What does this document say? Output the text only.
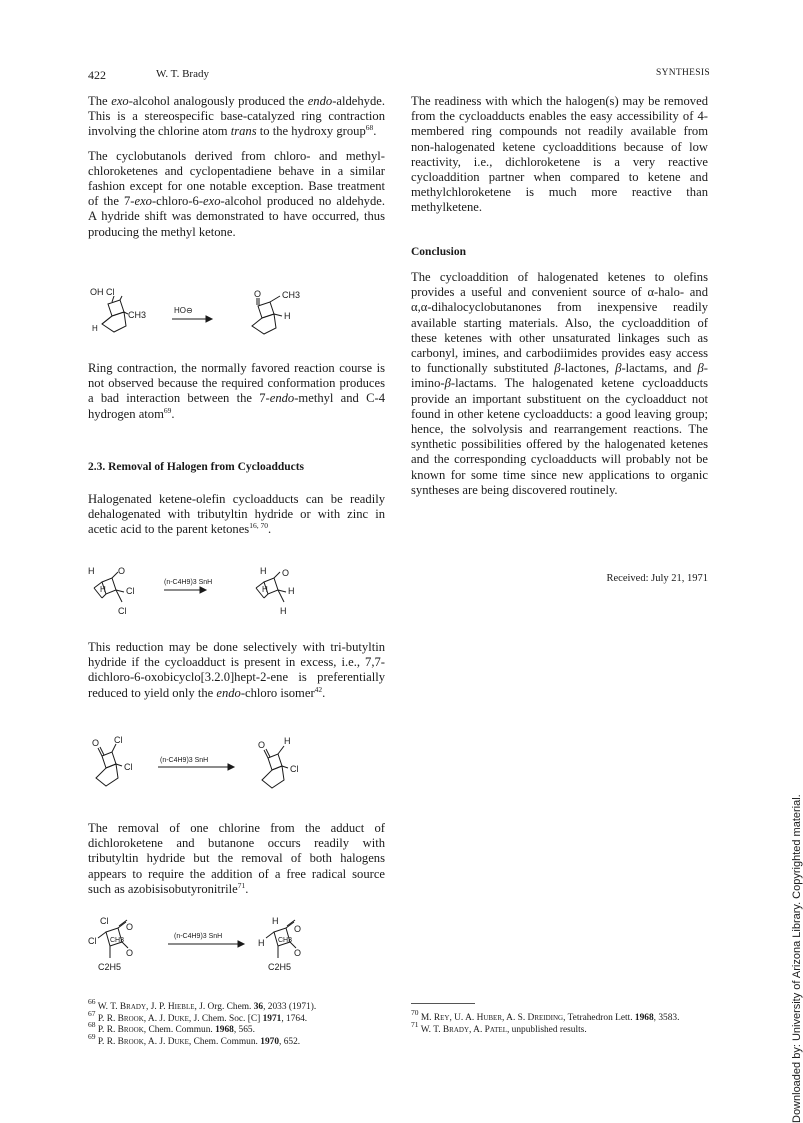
422	W. T. Brady	SYNTHESIS

The exo-alcohol analogously produced the endo-aldehyde. This is a stereospecific base-catalyzed ring contraction involving the chlorine atom trans to the hydroxy group$^{68}$.

The cyclobutanols derived from chloro- and methyl-chloroketenes and cyclopentadiene behave in a similar fashion except for one notable exception. Base treatment of the 7-exo-chloro-6-exo-alcohol produced no aldehyde. A hydride shift was demonstrated to have occurred, thus producing the methyl ketone.

OH Cl
CH3
H
HO⊖
O CH3
H

Ring contraction, the normally favored reaction course is not observed because the required conformation produces a bad interaction between the 7-endo-methyl and C-4 hydrogen atom$^{69}$.

2.3. Removal of Halogen from Cycloadducts

Halogenated ketene-olefin cycloadducts can be readily dehalogenated with tributyltin hydride or with zinc in acetic acid to the parent ketones$^{16, 70}$.

H	O
H Cl
Cl
(n-C4H9)3 SnH
H O
H H
H

This reduction may be done selectively with tri-butyltin hydride if the cycloadduct is present in excess, i.e., 7,7-dichloro-6-oxobicyclo[3.2.0]hept-2-ene is preferentially reduced to yield only the endo-chloro isomer$^{42}$.

O Cl
Cl
(n-C4H9)3 SnH
O H
Cl

The removal of one chlorine from the adduct of dichloroketene and butanone occurs readily with tributyltin hydride but the removal of both halogens appears to require the addition of a free radical source such as azobisisobutyronitrile$^{71}$.

Cl
O
Cl CH3
O
C2H5
(n-C4H9)3 SnH
H
O
H CH3
O
C2H5

The readiness with which the halogen(s) may be removed from the cycloadducts enables the easy accessibility of 4-membered ring compounds not readily available from non-halogenated ketene cycloadditions because of low reactivity, i.e., dichloroketene is a very reactive cycloaddition partner when compared to ketene and methylchloroketene is much more reactive than methylketene.

Conclusion

The cycloaddition of halogenated ketenes to olefins provides a useful and convenient source of α-halo- and α,α-dihalocyclobutanones from inexpensive readily available starting materials. Also, the cycloaddition of these ketenes with other unsaturated linkages such as carbonyl, imines, and carbodiimides provides easy access to functionally substituted β-lactones, β-lactams, and β-imino-β-lactams. The halogenated ketene cycloadducts provide an important substituent on the cycloadduct not found in other ketene cycloadducts: a good leaving group; hence, the solvolysis and rearrangement reactions. The synthetic possibilities offered by the halogenated ketenes and the corresponding cycloadducts will probably not be known for some time since new applications to organic syntheses are being discovered routinely.

Received: July 21, 1971
$^{66}$ W. T. Brady, J. P. Hieble, J. Org. Chem. 36, 2033 (1971).
$^{67}$ P. R. Brook, A. J. Duke, J. Chem. Soc. [C] 1971, 1764.
$^{68}$ P. R. Brook, Chem. Commun. 1968, 565.
$^{69}$ P. R. Brook, A. J. Duke, Chem. Commun. 1970, 652.
$^{70}$ M. Rey, U. A. Huber, A. S. Dreiding, Tetrahedron Lett. 1968, 3583.
$^{71}$ W. T. Brady, A. Patel, unpublished results.	Downloaded by: University of Arizona Library. Copyrighted material.
